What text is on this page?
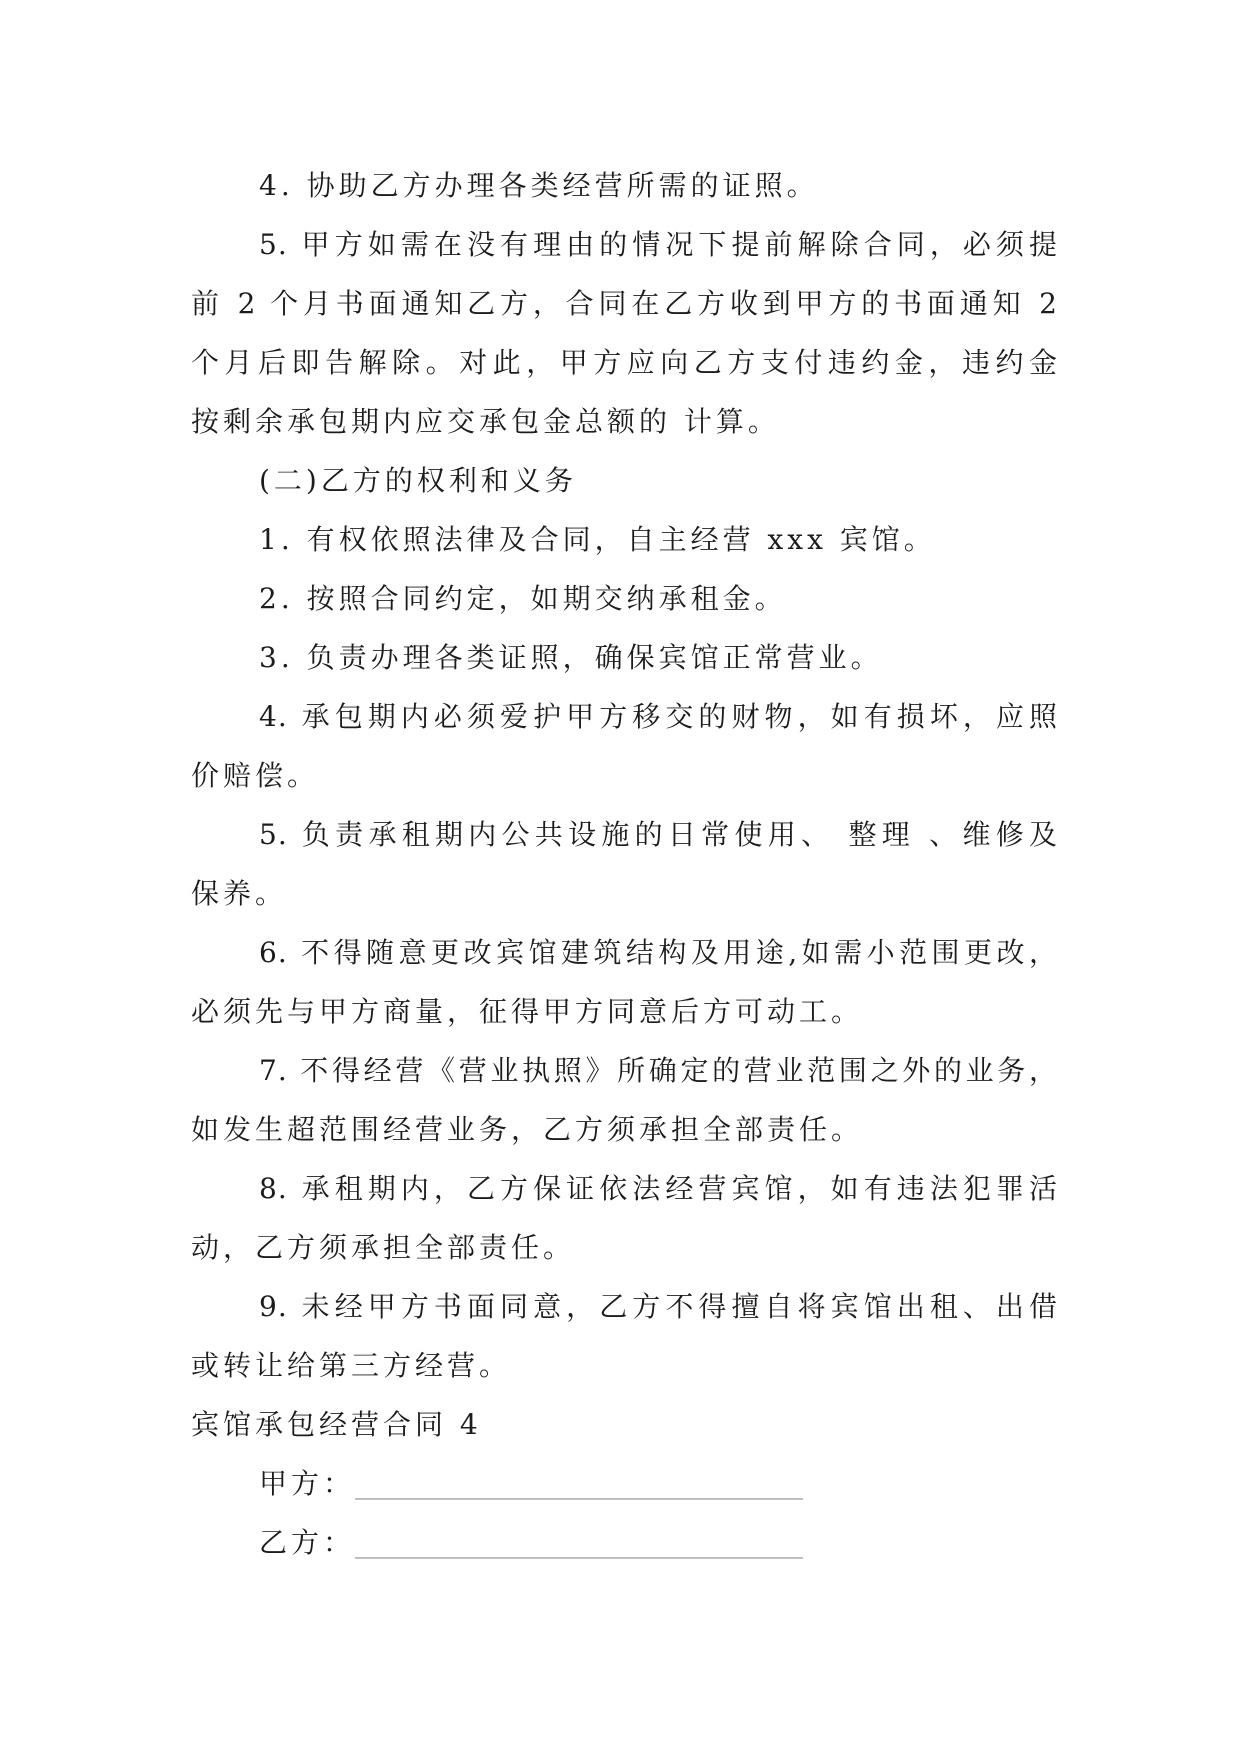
4. 协助乙方办理各类经营所需的证照。
5. 甲方如需在没有理由的情况下提前解除合同，必须提
前 2 个月书面通知乙方，合同在乙方收到甲方的书面通知 2
个月后即告解除。对此，甲方应向乙方支付违约金，违约金
按剩余承包期内应交承包金总额的 计算。
(二)乙方的权利和义务
1. 有权依照法律及合同，自主经营 xxx 宾馆。
2. 按照合同约定，如期交纳承租金。
3. 负责办理各类证照，确保宾馆正常营业。
4. 承包期内必须爱护甲方移交的财物，如有损坏，应照
价赔偿。
5. 负责承租期内公共设施的日常使用、 整理 、维修及
保养。
6. 不得随意更改宾馆建筑结构及用途,如需小范围更改，
必须先与甲方商量，征得甲方同意后方可动工。
7. 不得经营《营业执照》所确定的营业范围之外的业务，
如发生超范围经营业务，乙方须承担全部责任。
8. 承租期内，乙方保证依法经营宾馆，如有违法犯罪活
动，乙方须承担全部责任。
9. 未经甲方书面同意，乙方不得擅自将宾馆出租、出借
或转让给第三方经营。
宾馆承包经营合同 4
甲方：________________________________
乙方：________________________________
